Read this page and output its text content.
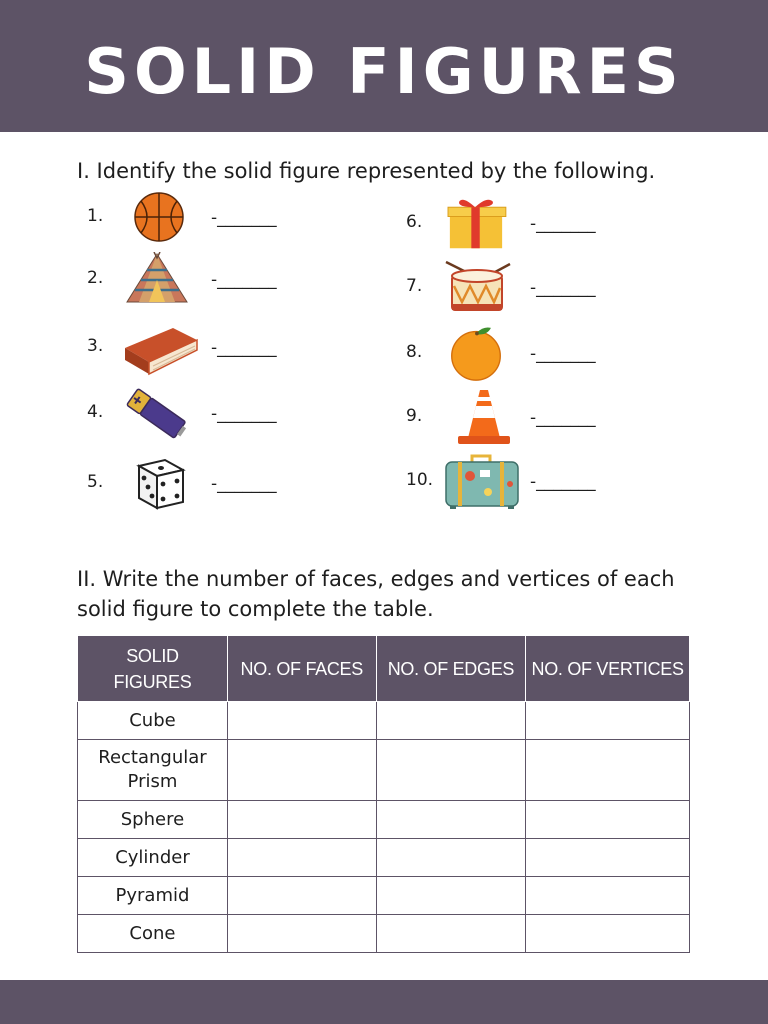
SOLID FIGURES
I. Identify the solid figure represented by the following.
1.	-_______
2.	-_______
3.	-_______
4.	-_______
5.	-_______
6.	-_______
7.	-_______
8.	-_______
9.	-_______
10.	-_______
II. Write the number of faces, edges and vertices of each solid figure to complete the table.
SOLID FIGURES	NO. OF FACES	NO. OF EDGES	NO. OF VERTICES
Cube			
Rectangular Prism			
Sphere			
Cylinder			
Pyramid			
Cone			
